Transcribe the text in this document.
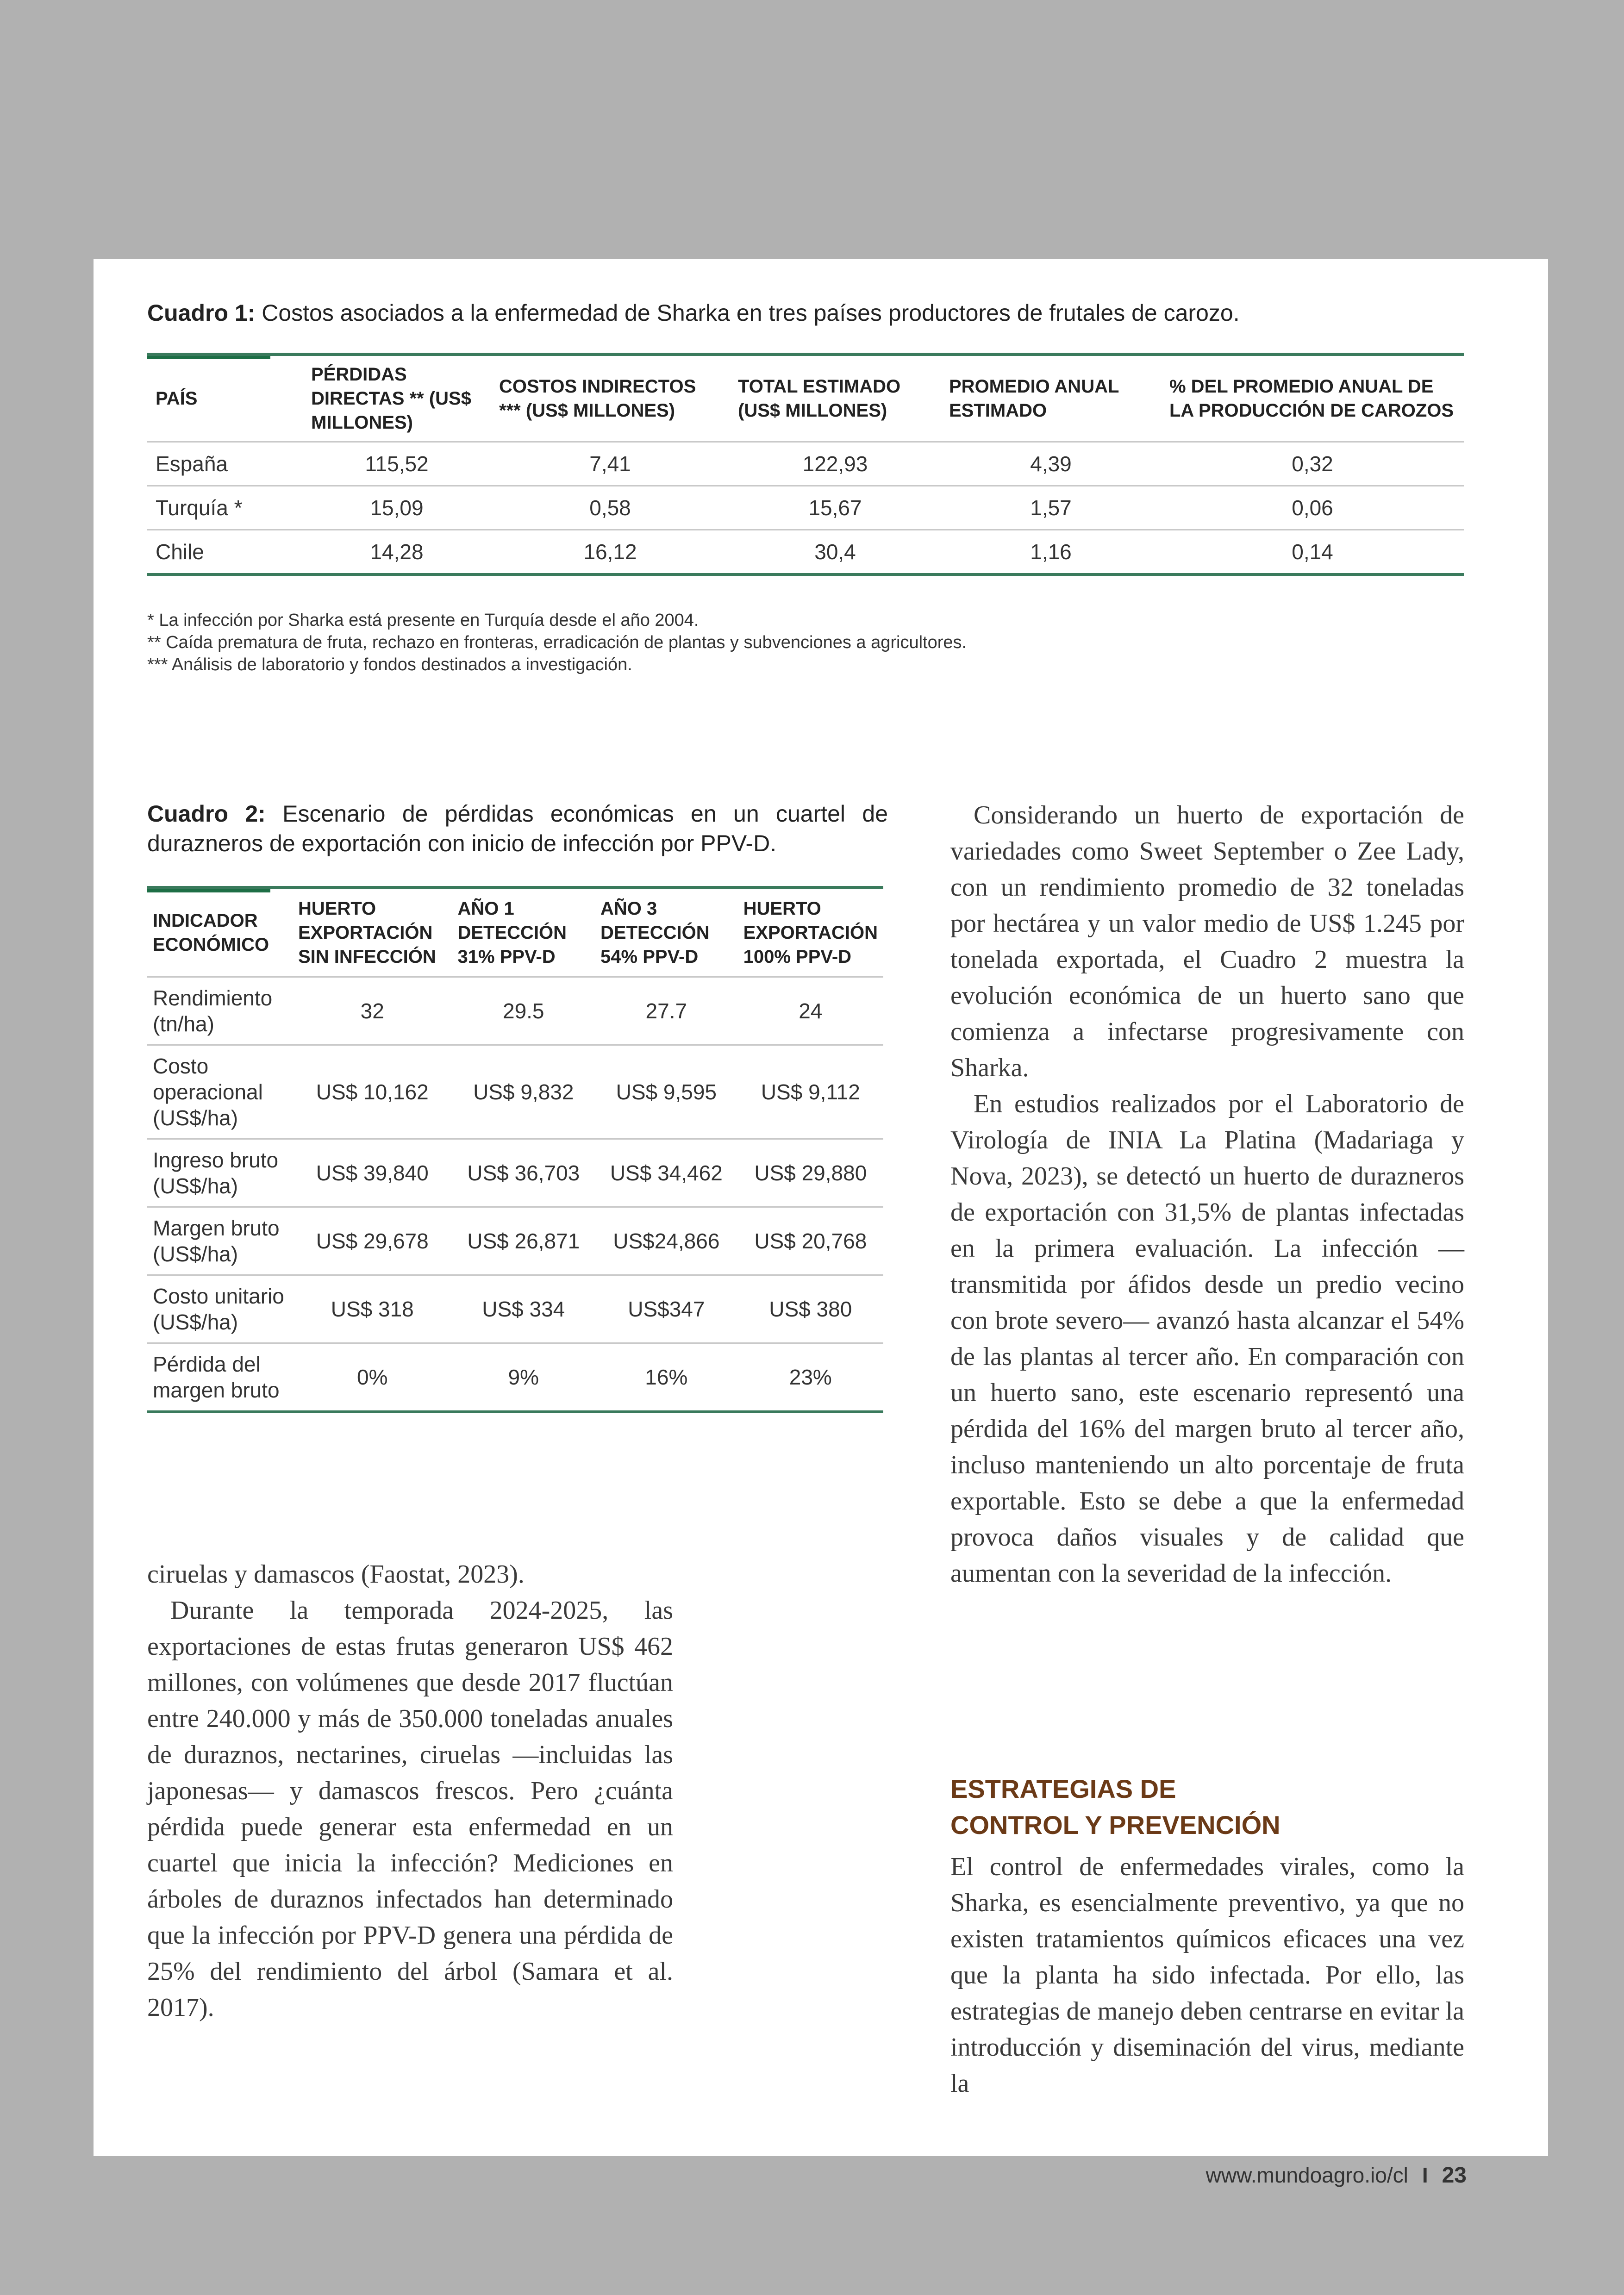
Cuadro 1: Costos asociados a la enfermedad de Sharka en tres países productores de frutales de carozo.
PAÍS	PÉRDIDAS DIRECTAS ** (US$ MILLONES)	COSTOS INDIRECTOS *** (US$ MILLONES)	TOTAL ESTIMADO (US$ MILLONES)	PROMEDIO ANUAL ESTIMADO	% DEL PROMEDIO ANUAL DE LA PRODUCCIÓN DE CAROZOS
España	115,52	7,41	122,93	4,39	0,32
Turquía *	15,09	0,58	15,67	1,57	0,06
Chile	14,28	16,12	30,4	1,16	0,14
* La infección por Sharka está presente en Turquía desde el año 2004.
** Caída prematura de fruta, rechazo en fronteras, erradicación de plantas y subvenciones a agricultores.
*** Análisis de laboratorio y fondos destinados a investigación.
Cuadro 2: Escenario de pérdidas económicas en un cuartel de durazneros de exportación con inicio de infección por PPV-D.
INDICADOR ECONÓMICO	HUERTO EXPORTACIÓN SIN INFECCIÓN	AÑO 1 DETECCIÓN 31% PPV-D	AÑO 3 DETECCIÓN 54% PPV-D	HUERTO EXPORTACIÓN 100% PPV-D
Rendimiento (tn/ha)	32	29.5	27.7	24
Costo operacional (US$/ha)	US$ 10,162	US$ 9,832	US$ 9,595	US$ 9,112
Ingreso bruto (US$/ha)	US$ 39,840	US$ 36,703	US$ 34,462	US$ 29,880
Margen bruto (US$/ha)	US$ 29,678	US$ 26,871	US$24,866	US$ 20,768
Costo unitario (US$/ha)	US$ 318	US$ 334	US$347	US$ 380
Pérdida del margen bruto	0%	9%	16%	23%

ciruelas y damascos (Faostat, 2023).

Durante la temporada 2024-2025, las exportaciones de estas frutas generaron US$ 462 millones, con volúmenes que desde 2017 fluctúan entre 240.000 y más de 350.000 toneladas anuales de duraznos, nectarines, ciruelas —incluidas las japonesas— y damascos frescos. Pero ¿cuánta pérdida puede generar esta enfermedad en un cuartel que inicia la infección? Mediciones en árboles de duraznos infectados han determinado que la infección por PPV-D genera una pérdida de 25% del rendimiento del árbol (Samara et al. 2017).

Considerando un huerto de exportación de variedades como Sweet September o Zee Lady, con un rendimiento promedio de 32 toneladas por hectárea y un valor medio de US$ 1.245 por tonelada exportada, el Cuadro 2 muestra la evolución económica de un huerto sano que comienza a infectarse progresivamente con Sharka.

En estudios realizados por el Laboratorio de Virología de INIA La Platina (Madariaga y Nova, 2023), se detectó un huerto de durazneros de exportación con 31,5% de plantas infectadas en la primera evaluación. La infección —transmitida por áfidos desde un predio vecino con brote severo— avanzó hasta alcanzar el 54% de las plantas al tercer año. En comparación con un huerto sano, este escenario representó una pérdida del 16% del margen bruto al tercer año, incluso manteniendo un alto porcentaje de fruta exportable. Esto se debe a que la enfermedad provoca daños visuales y de calidad que aumentan con la severidad de la infección.

ESTRATEGIAS DE
CONTROL Y PREVENCIÓN

El control de enfermedades virales, como la Sharka, es esencialmente preventivo, ya que no existen tratamientos químicos eficaces una vez que la planta ha sido infectada. Por ello, las estrategias de manejo deben centrarse en evitar la introducción y diseminación del virus, mediante la

www.mundoagro.io/cl I 23
